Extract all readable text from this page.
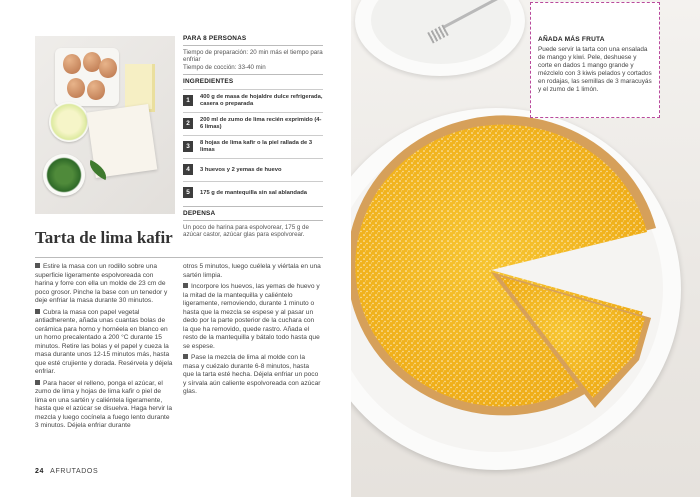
PARA 8 PERSONAS

Tiempo de preparación: 20 min más el tiempo para enfriar

Tiempo de cocción: 33-40 min

INGREDIENTES
1	400 g de masa de hojaldre dulce refrigerada, casera o preparada
2	200 ml de zumo de lima recién exprimido (4-6 limas)
3	8 hojas de lima kafir o la piel rallada de 3 limas
4	3 huevos y 2 yemas de huevo
5	175 g de mantequilla sin sal ablandada
DEPENSA

Un poco de harina para espolvorear, 175 g de azúcar castor, azúcar glas para espolvorear.

Tarta de lima kafir

Estire la masa con un rodillo sobre una superficie ligeramente espolvoreada con harina y forre con ella un molde de 23 cm de poco grosor. Pinche la base con un tenedor y deje enfriar la masa durante 30 minutos.

Cubra la masa con papel vegetal antiadherente, añada unas cuantas bolas de cerámica para horno y hornéela en blanco en un horno precalentado a 200 °C durante 15 minutos. Retire las bolas y el papel y cueza la masa durante unos 12-15 minutos más, hasta que esté crujiente y dorada. Resérvela y déjela enfriar.

Para hacer el relleno, ponga el azúcar, el zumo de lima y hojas de lima kafir o piel de lima en una sartén y caliéntela ligeramente, hasta que el azúcar se disuelva. Haga hervir la mezcla y luego cocínela a fuego lento durante 3 minutos. Déjela enfriar durante

otros 5 minutos, luego cuélela y viértala en una sartén limpia.

Incorpore los huevos, las yemas de huevo y la mitad de la mantequilla y caliéntelo ligeramente, removiendo, durante 1 minuto o hasta que la mezcla se espese y al pasar un dedo por la parte posterior de la cuchara con la que ha removido, quede rastro. Añada el resto de la mantequilla y bátalo todo hasta que se espese.

Pase la mezcla de lima al molde con la masa y cuézalo durante 6-8 minutos, hasta que la tarta esté hecha. Déjela enfriar un poco y sírvala aún caliente espolvoreada con azúcar glas.

24 AFRUTADOS
AÑADA MÁS FRUTA

Puede servir la tarta con una ensalada de mango y kiwi. Pele, deshuese y corte en dados 1 mango grande y mézclelo con 3 kiwis pelados y cortados en rodajas, las semillas de 3 maracuyás y el zumo de 1 limón.
